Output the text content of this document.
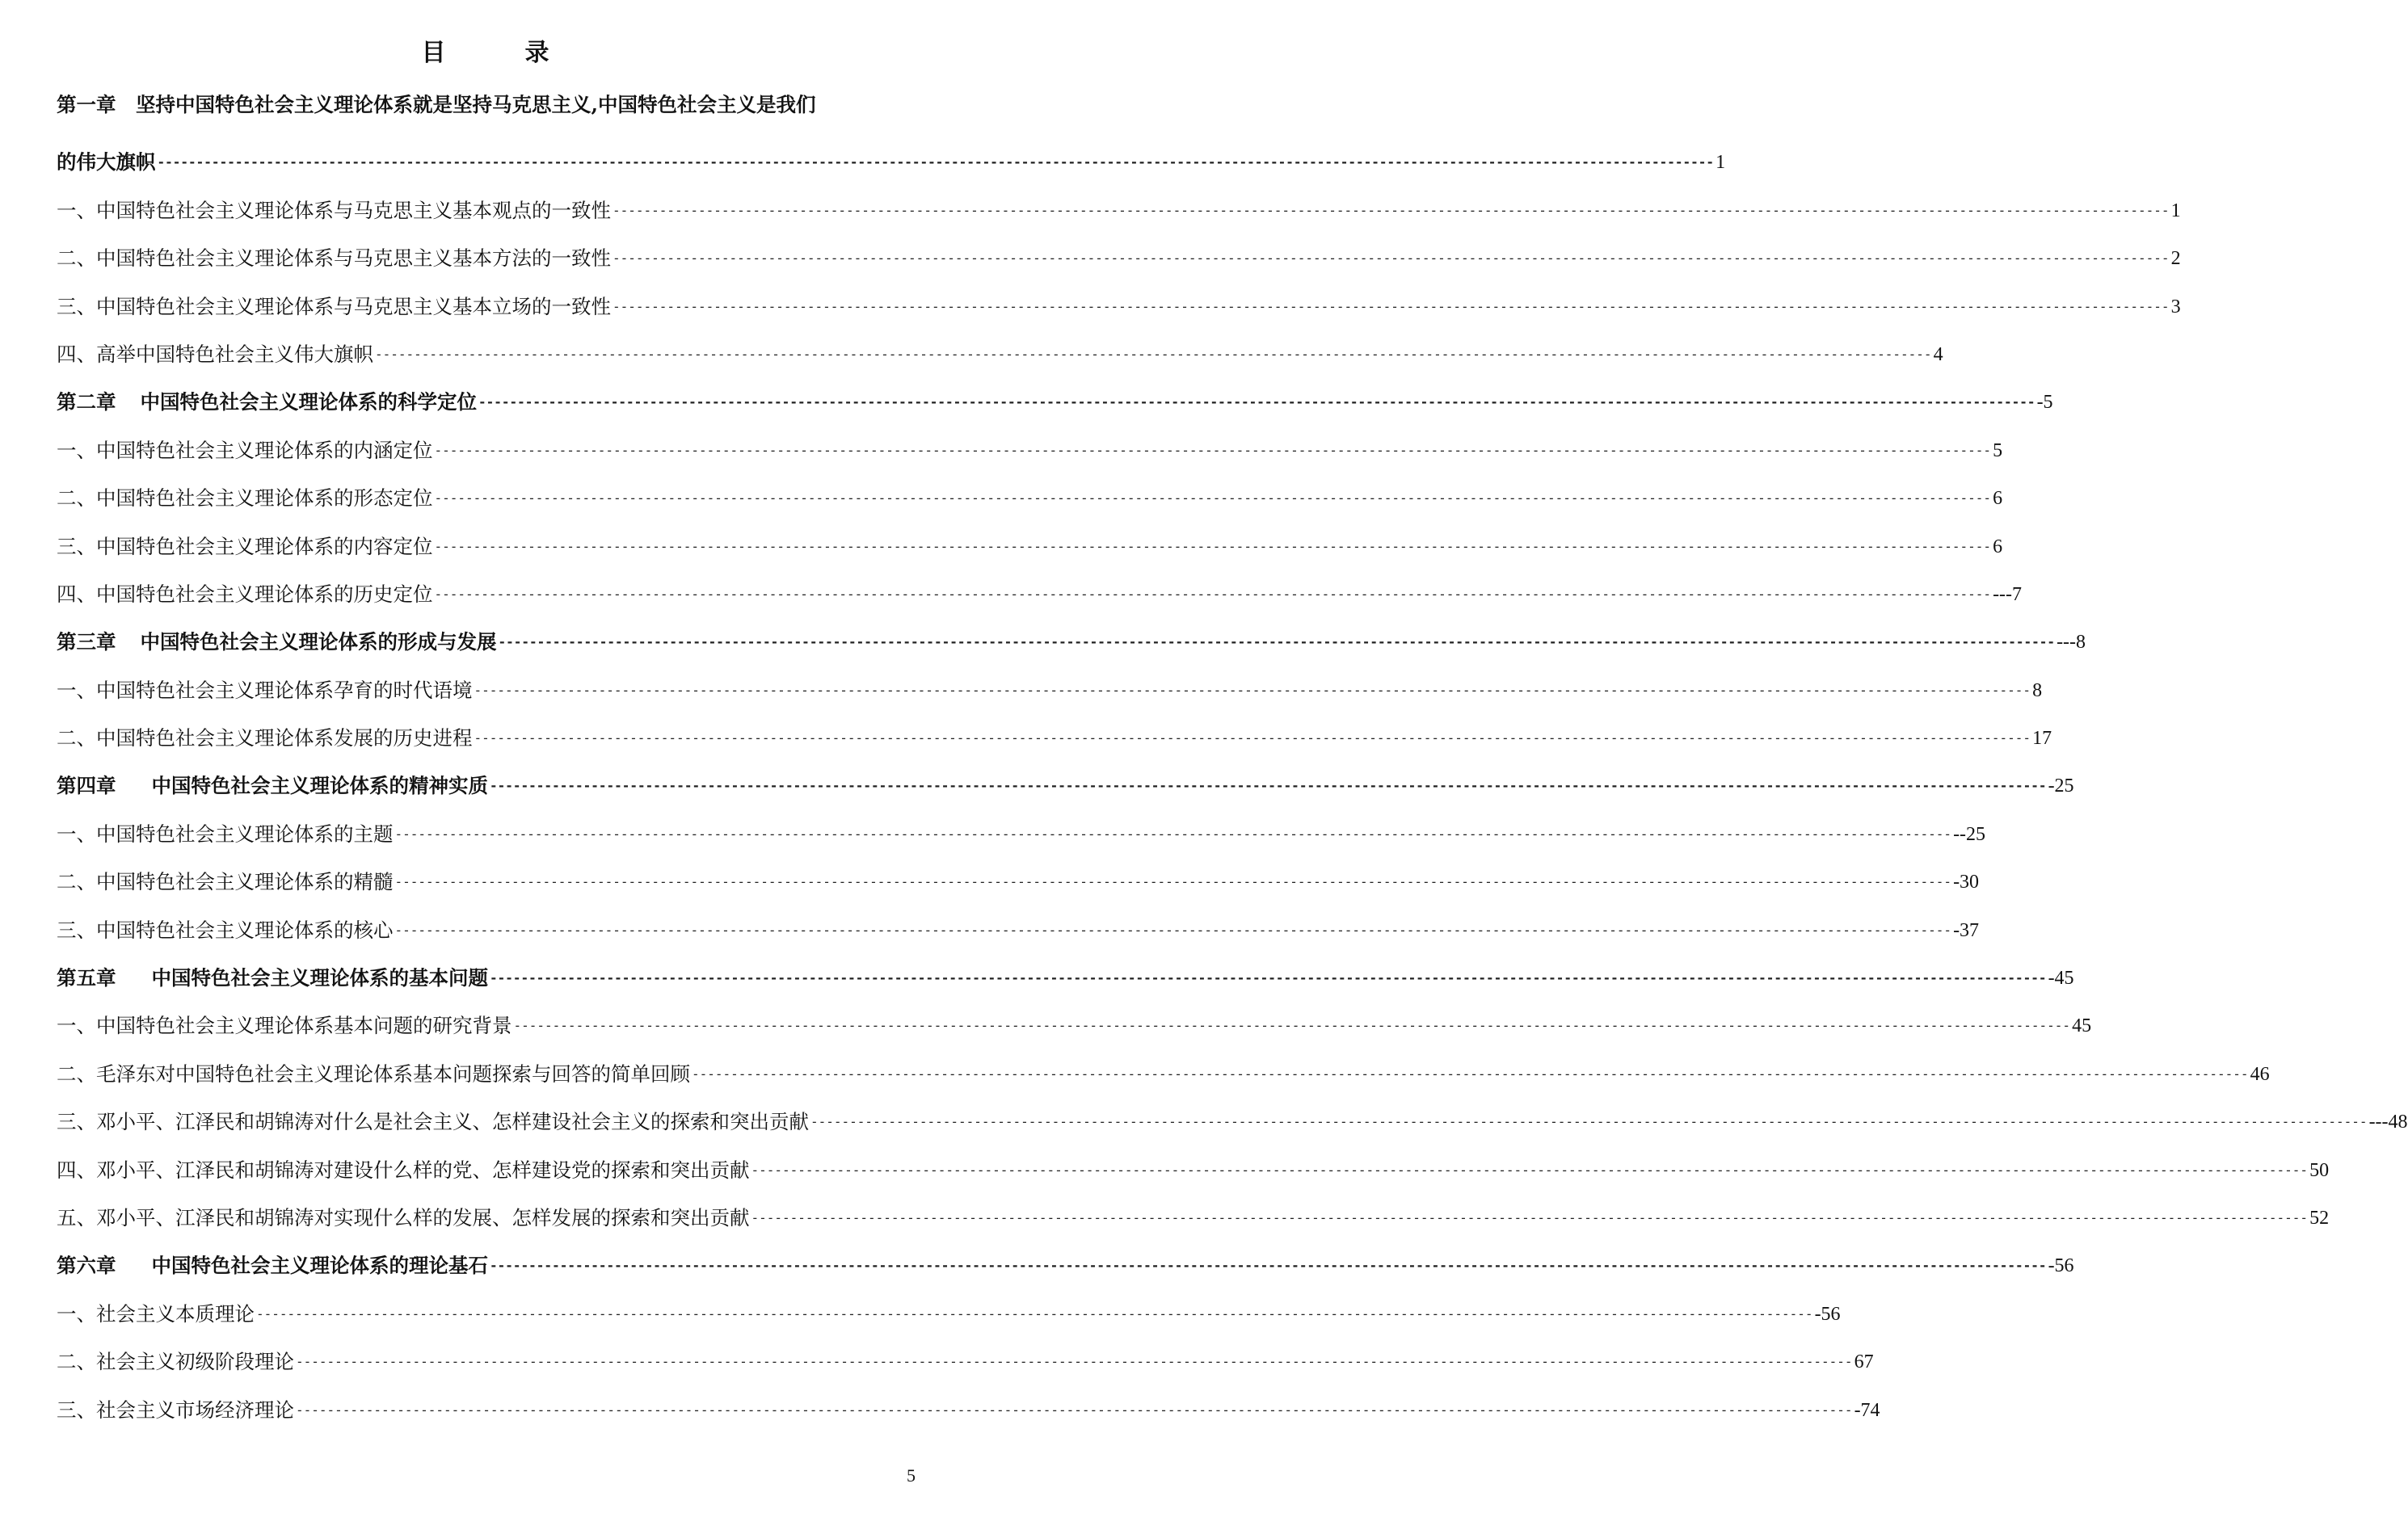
目　录
第一章　坚持中国特色社会主义理论体系就是坚持马克思主义,中国特色社会主义是我们
的伟大旗帜 -------------------------------------------------------------------------------------------------------------------------------------------------------------------------------------------------------- 1
一、中国特色社会主义理论体系与马克思主义基本观点的一致性 -------------------------------------------------------------------------------------------------------------------------------------------------------------------------------------------------------- 1
二、中国特色社会主义理论体系与马克思主义基本方法的一致性 -------------------------------------------------------------------------------------------------------------------------------------------------------------------------------------------------------- 2
三、中国特色社会主义理论体系与马克思主义基本立场的一致性 -------------------------------------------------------------------------------------------------------------------------------------------------------------------------------------------------------- 3
四、高举中国特色社会主义伟大旗帜 -------------------------------------------------------------------------------------------------------------------------------------------------------------------------------------------------------- 4
第二章 中国特色社会主义理论体系的科学定位 -------------------------------------------------------------------------------------------------------------------------------------------------------------------------------------------------------- -5
一、中国特色社会主义理论体系的内涵定位 -------------------------------------------------------------------------------------------------------------------------------------------------------------------------------------------------------- 5
二、中国特色社会主义理论体系的形态定位 -------------------------------------------------------------------------------------------------------------------------------------------------------------------------------------------------------- 6
三、中国特色社会主义理论体系的内容定位 -------------------------------------------------------------------------------------------------------------------------------------------------------------------------------------------------------- 6
四、中国特色社会主义理论体系的历史定位 -------------------------------------------------------------------------------------------------------------------------------------------------------------------------------------------------------- ---7
第三章 中国特色社会主义理论体系的形成与发展 -------------------------------------------------------------------------------------------------------------------------------------------------------------------------------------------------------- ---8
一、中国特色社会主义理论体系孕育的时代语境 -------------------------------------------------------------------------------------------------------------------------------------------------------------------------------------------------------- 8
二、中国特色社会主义理论体系发展的历史进程 -------------------------------------------------------------------------------------------------------------------------------------------------------------------------------------------------------- 17
第四章 中国特色社会主义理论体系的精神实质 -------------------------------------------------------------------------------------------------------------------------------------------------------------------------------------------------------- -25
一、中国特色社会主义理论体系的主题 -------------------------------------------------------------------------------------------------------------------------------------------------------------------------------------------------------- --25
二、中国特色社会主义理论体系的精髓 -------------------------------------------------------------------------------------------------------------------------------------------------------------------------------------------------------- -30
三、中国特色社会主义理论体系的核心 -------------------------------------------------------------------------------------------------------------------------------------------------------------------------------------------------------- -37
第五章 中国特色社会主义理论体系的基本问题 -------------------------------------------------------------------------------------------------------------------------------------------------------------------------------------------------------- -45
一、中国特色社会主义理论体系基本问题的研究背景 -------------------------------------------------------------------------------------------------------------------------------------------------------------------------------------------------------- 45
二、毛泽东对中国特色社会主义理论体系基本问题探索与回答的简单回顾 -------------------------------------------------------------------------------------------------------------------------------------------------------------------------------------------------------- 46
三、邓小平、江泽民和胡锦涛对什么是社会主义、怎样建设社会主义的探索和突出贡献 -------------------------------------------------------------------------------------------------------------------------------------------------------------------------------------------------------- ---48
四、邓小平、江泽民和胡锦涛对建设什么样的党、怎样建设党的探索和突出贡献 -------------------------------------------------------------------------------------------------------------------------------------------------------------------------------------------------------- 50
五、邓小平、江泽民和胡锦涛对实现什么样的发展、怎样发展的探索和突出贡献 -------------------------------------------------------------------------------------------------------------------------------------------------------------------------------------------------------- 52
第六章 中国特色社会主义理论体系的理论基石 -------------------------------------------------------------------------------------------------------------------------------------------------------------------------------------------------------- -56
一、社会主义本质理论 -------------------------------------------------------------------------------------------------------------------------------------------------------------------------------------------------------- -56
二、社会主义初级阶段理论 -------------------------------------------------------------------------------------------------------------------------------------------------------------------------------------------------------- 67
三、社会主义市场经济理论 -------------------------------------------------------------------------------------------------------------------------------------------------------------------------------------------------------- -74
5
